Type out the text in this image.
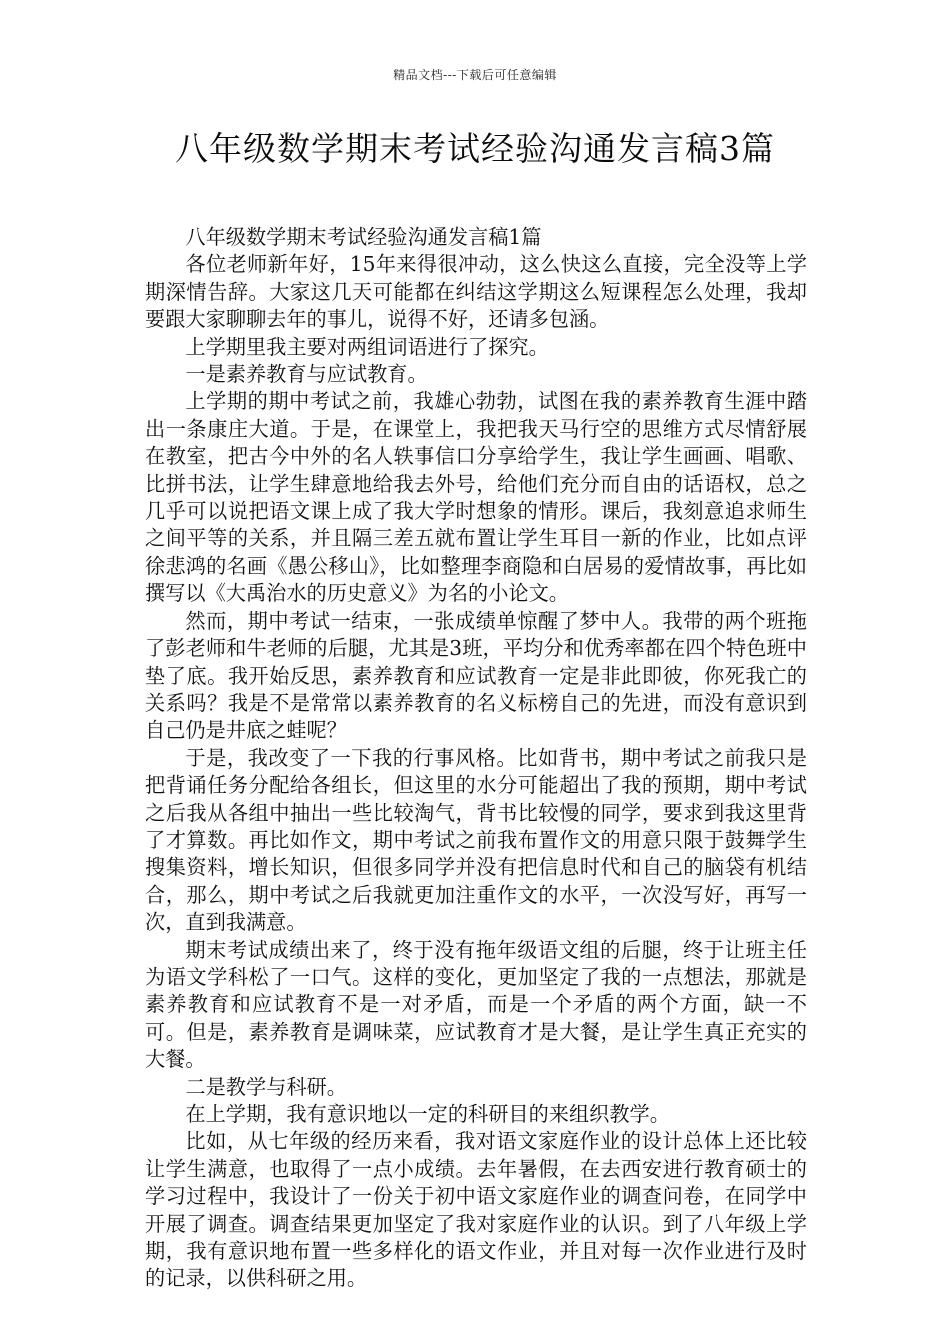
精品文档---下载后可任意编辑
八年级数学期末考试经验沟通发言稿3篇

八年级数学期末考试经验沟通发言稿1篇

各位老师新年好，15年来得很冲动，这么快这么直接，完全没等上学期深情告辞。大家这几天可能都在纠结这学期这么短课程怎么处理，我却要跟大家聊聊去年的事儿，说得不好，还请多包涵。

上学期里我主要对两组词语进行了探究。

一是素养教育与应试教育。

上学期的期中考试之前，我雄心勃勃，试图在我的素养教育生涯中踏出一条康庄大道。于是，在课堂上，我把我天马行空的思维方式尽情舒展在教室，把古今中外的名人轶事信口分享给学生，我让学生画画、唱歌、比拼书法，让学生肆意地给我去外号，给他们充分而自由的话语权，总之几乎可以说把语文课上成了我大学时想象的情形。课后，我刻意追求师生之间平等的关系，并且隔三差五就布置让学生耳目一新的作业，比如点评徐悲鸿的名画《愚公移山》，比如整理李商隐和白居易的爱情故事，再比如撰写以《大禹治水的历史意义》为名的小论文。

然而，期中考试一结束，一张成绩单惊醒了梦中人。我带的两个班拖了彭老师和牛老师的后腿，尤其是3班，平均分和优秀率都在四个特色班中垫了底。我开始反思，素养教育和应试教育一定是非此即彼，你死我亡的关系吗？我是不是常常以素养教育的名义标榜自己的先进，而没有意识到自己仍是井底之蛙呢？

于是，我改变了一下我的行事风格。比如背书，期中考试之前我只是把背诵任务分配给各组长，但这里的水分可能超出了我的预期，期中考试之后我从各组中抽出一些比较淘气，背书比较慢的同学，要求到我这里背了才算数。再比如作文，期中考试之前我布置作文的用意只限于鼓舞学生搜集资料，增长知识，但很多同学并没有把信息时代和自己的脑袋有机结合，那么，期中考试之后我就更加注重作文的水平，一次没写好，再写一次，直到我满意。

期末考试成绩出来了，终于没有拖年级语文组的后腿，终于让班主任为语文学科松了一口气。这样的变化，更加坚定了我的一点想法，那就是素养教育和应试教育不是一对矛盾，而是一个矛盾的两个方面，缺一不可。但是，素养教育是调味菜，应试教育才是大餐，是让学生真正充实的大餐。

二是教学与科研。

在上学期，我有意识地以一定的科研目的来组织教学。

比如，从七年级的经历来看，我对语文家庭作业的设计总体上还比较让学生满意，也取得了一点小成绩。去年暑假，在去西安进行教育硕士的学习过程中，我设计了一份关于初中语文家庭作业的调查问卷，在同学中开展了调查。调查结果更加坚定了我对家庭作业的认识。到了八年级上学期，我有意识地布置一些多样化的语文作业，并且对每一次作业进行及时的记录，以供科研之用。
